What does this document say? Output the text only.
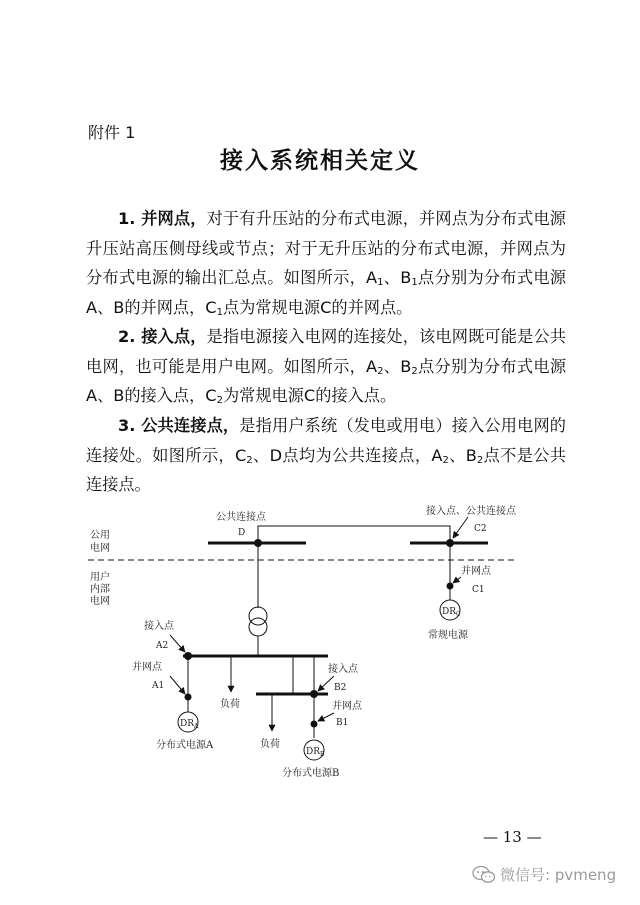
附件 1
接入系统相关定义
1. 并网点，对于有升压站的分布式电源，并网点为分布式电源升压站高压侧母线或节点；对于无升压站的分布式电源，并网点为分布式电源的输出汇总点。如图所示，$A_1$、$B_1$点分别为分布式电源A、B的并网点，$C_1$点为常规电源C的并网点。
2. 接入点，是指电源接入电网的连接处，该电网既可能是公共电网，也可能是用户电网。如图所示，$A_2$、$B_2$点分别为分布式电源A、B的接入点，$C_2$为常规电源C的接入点。
3. 公共连接点，是指用户系统（发电或用电）接入公用电网的连接处。如图所示，$C_2$、D点均为公共连接点，$A_2$、$B_2$点不是公共连接点。
公用
电网
用户
内部
电网
公共连接点
D
接入点、公共连接点
C2
并网点
C1
$DR_C$
常规电源
接入点
A2
并网点
A1
$DR_A$
分布式电源A
负荷
负荷
接入点
B2
并网点
B1
$DR_B$
分布式电源B
— 13 —
微信号: pvmeng
